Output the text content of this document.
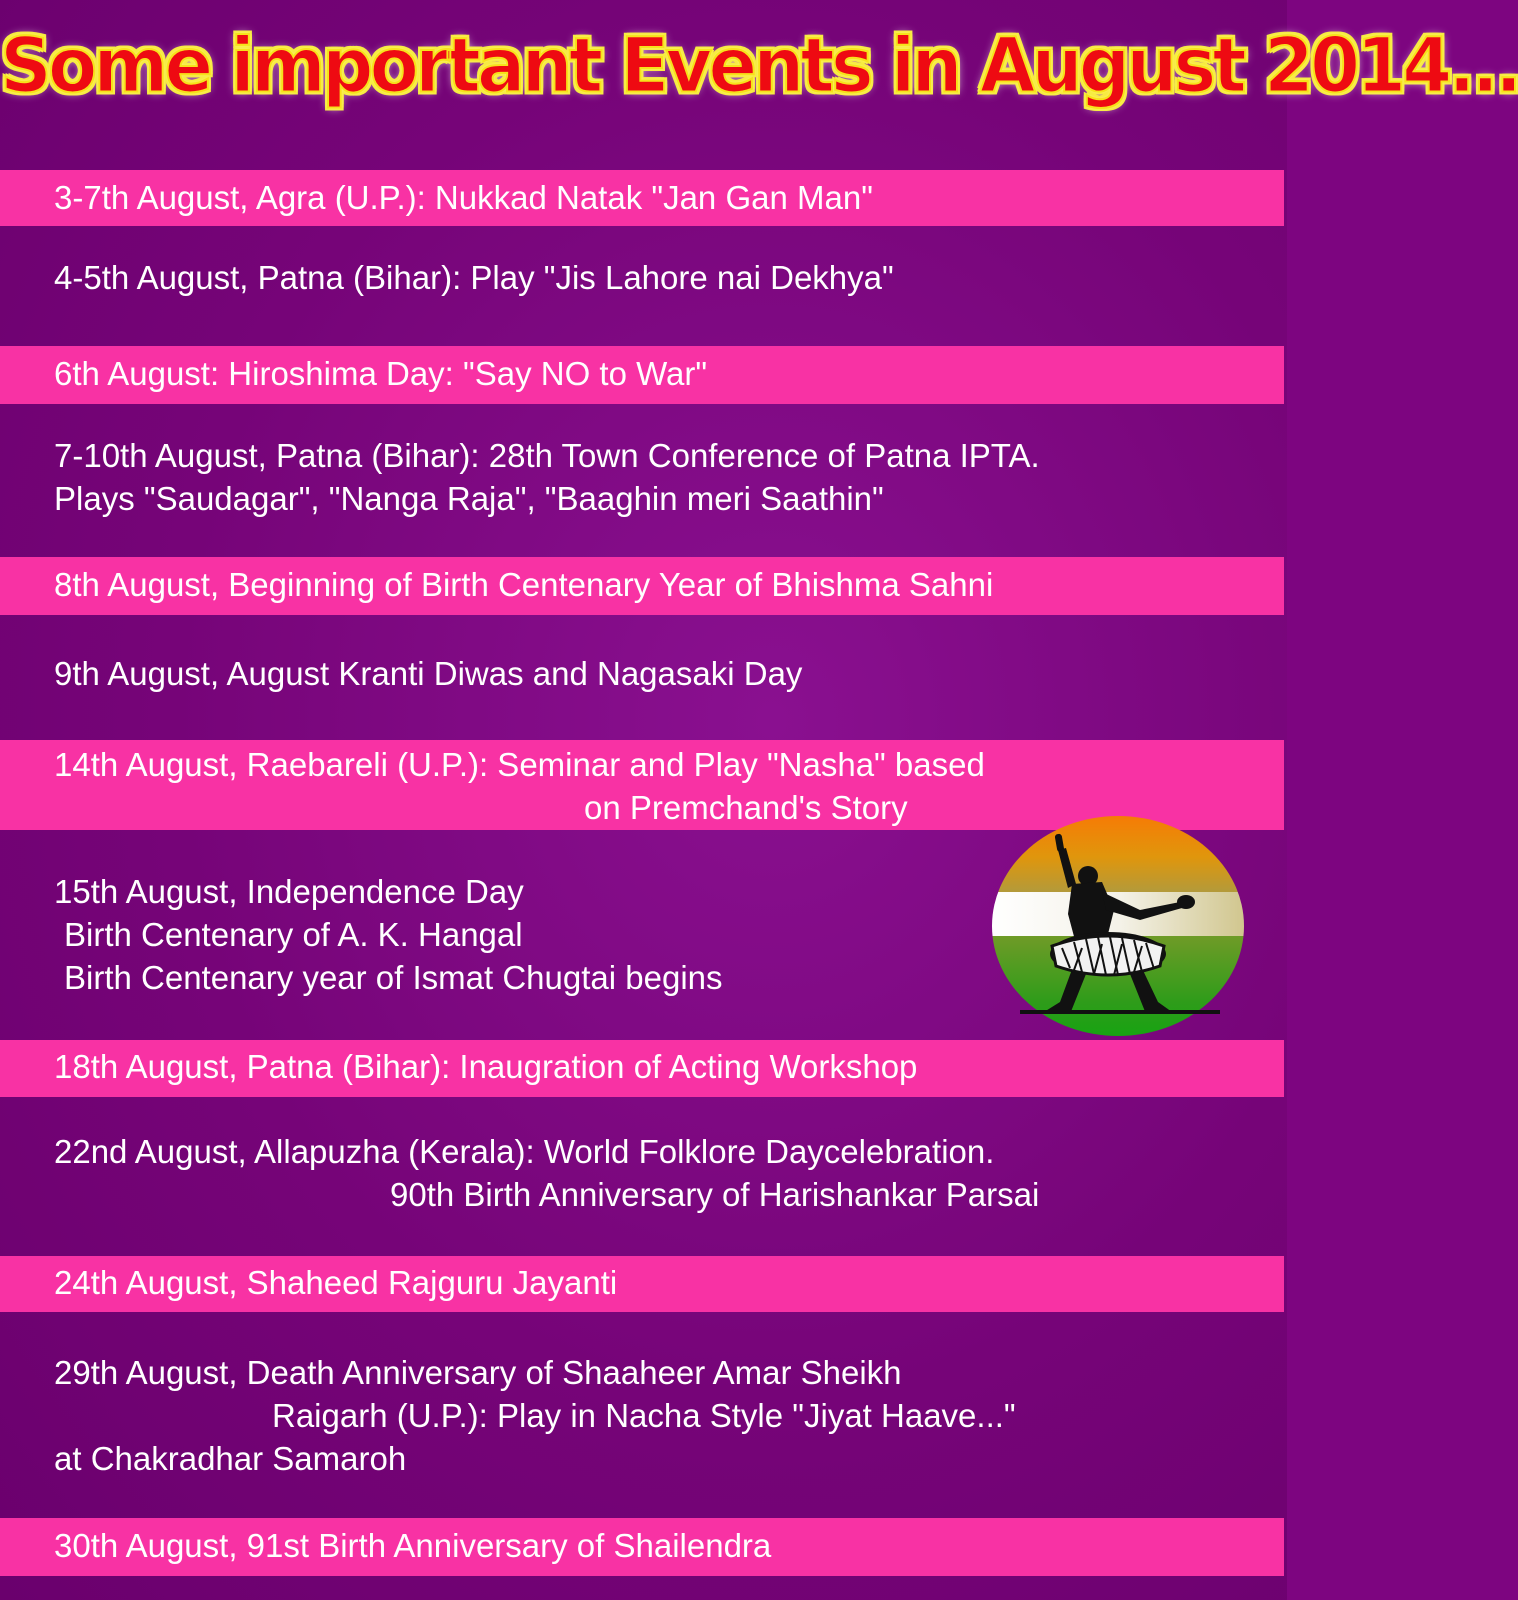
Some important Events in August 2014...
3-7th August, Agra (U.P.): Nukkad Natak "Jan Gan Man"
4-5th August, Patna (Bihar): Play "Jis Lahore nai Dekhya"
6th August: Hiroshima Day: "Say NO to War"
7-10th August, Patna (Bihar): 28th Town Conference of Patna IPTA.
Plays "Saudagar", "Nanga Raja", "Baaghin meri Saathin"
8th August, Beginning of Birth Centenary Year of Bhishma Sahni
9th August, August Kranti Diwas and Nagasaki Day
14th August, Raebareli (U.P.): Seminar and Play "Nasha" based
on Premchand's Story
15th August, Independence Day
Birth Centenary of A. K. Hangal
Birth Centenary year of Ismat Chugtai begins
18th August, Patna (Bihar): Inaugration of Acting Workshop
22nd August, Allapuzha (Kerala): World Folklore Daycelebration.
90th Birth Anniversary of Harishankar Parsai
24th August, Shaheed Rajguru Jayanti
29th August, Death Anniversary of Shaaheer Amar Sheikh
Raigarh (U.P.): Play in Nacha Style "Jiyat Haave..."
at Chakradhar Samaroh
30th August, 91st Birth Anniversary of Shailendra
